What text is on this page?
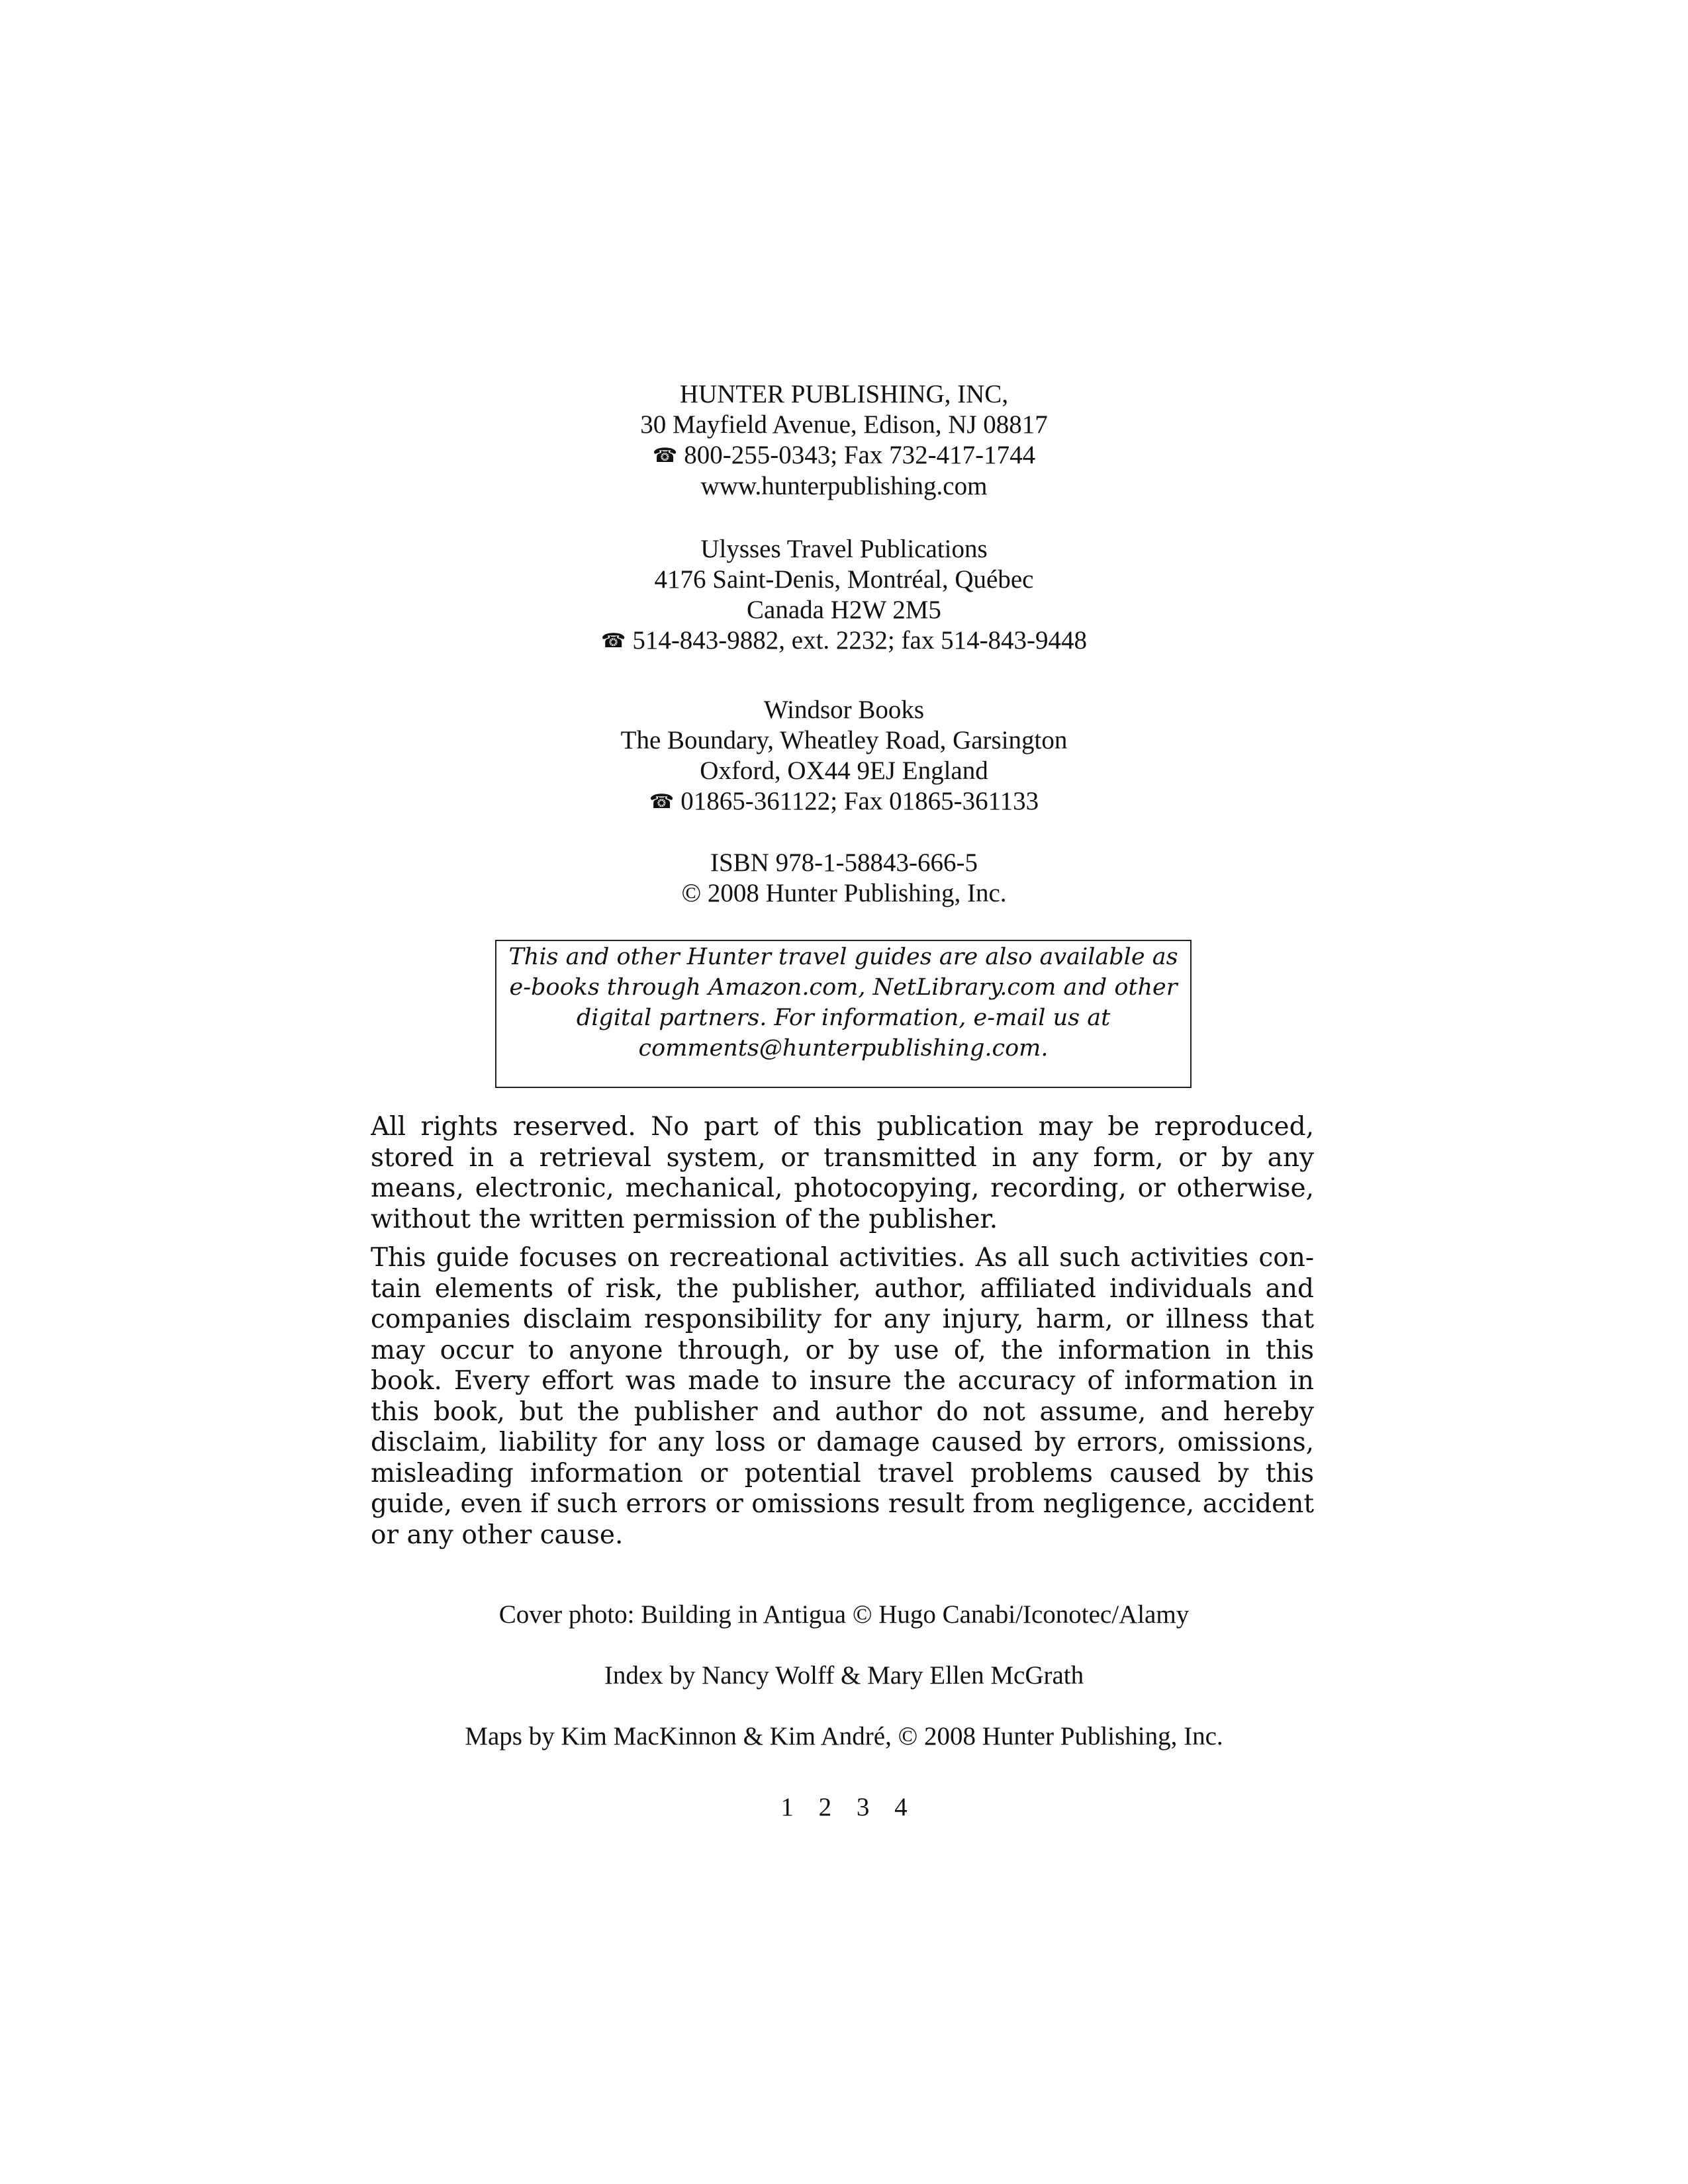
HUNTER PUBLISHING, INC,
30 Mayfield Avenue, Edison, NJ 08817
☎ 800-255-0343; Fax 732-417-1744
www.hunterpublishing.com
Ulysses Travel Publications
4176 Saint-Denis, Montréal, Québec
Canada H2W 2M5
☎ 514-843-9882, ext. 2232; fax 514-843-9448
Windsor Books
The Boundary, Wheatley Road, Garsington
Oxford, OX44 9EJ England
☎ 01865-361122; Fax 01865-361133
ISBN 978-1-58843-666-5
© 2008 Hunter Publishing, Inc.
This and other Hunter travel guides are also available as
e-books through Amazon.com, NetLibrary.com and other
digital partners. For information, e-mail us at
comments@hunterpublishing.com.
All rights reserved. No part of this publication may be reproduced,
stored in a retrieval system, or transmitted in any form, or by any
means, electronic, mechanical, photocopying, recording, or otherwise,
without the written permission of the publisher.
This guide focuses on recreational activities. As all such activities con-
tain elements of risk, the publisher, author, affiliated individuals and
companies disclaim responsibility for any injury, harm, or illness that
may occur to anyone through, or by use of, the information in this
book. Every effort was made to insure the accuracy of information in
this book, but the publisher and author do not assume, and hereby
disclaim, liability for any loss or damage caused by errors, omissions,
misleading information or potential travel problems caused by this
guide, even if such errors or omissions result from negligence, accident
or any other cause.
Cover photo: Building in Antigua © Hugo Canabi/Iconotec/Alamy
Index by Nancy Wolff & Mary Ellen McGrath
Maps by Kim MacKinnon & Kim André, © 2008 Hunter Publishing, Inc.
1 2 3 4
